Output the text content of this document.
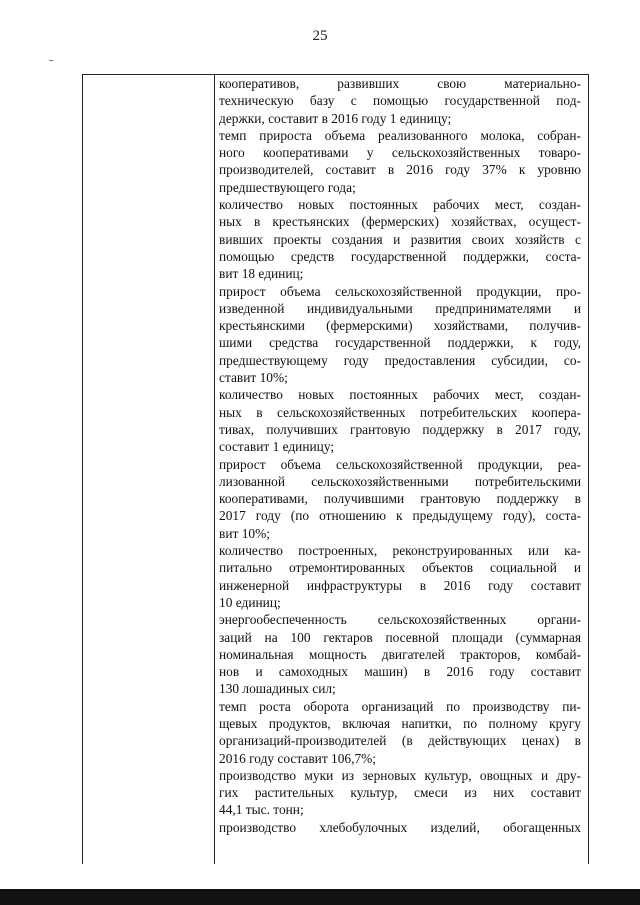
25
кооперативов, развивших свою материально-
техническую базу с помощью государственной под-
держки, составит в 2016 году 1 единицу;
темп прироста объема реализованного молока, собран-
ного кооперативами у сельскохозяйственных товаро-
производителей, составит в 2016 году 37% к уровню
предшествующего года;
количество новых постоянных рабочих мест, создан-
ных в крестьянских (фермерских) хозяйствах, осущест-
вивших проекты создания и развития своих хозяйств с
помощью средств государственной поддержки, соста-
вит 18 единиц;
прирост объема сельскохозяйственной продукции, про-
изведенной индивидуальными предпринимателями и
крестьянскими (фермерскими) хозяйствами, получив-
шими средства государственной поддержки, к году,
предшествующему году предоставления субсидии, со-
ставит 10%;
количество новых постоянных рабочих мест, создан-
ных в сельскохозяйственных потребительских коопера-
тивах, получивших грантовую поддержку в 2017 году,
составит 1 единицу;
прирост объема сельскохозяйственной продукции, реа-
лизованной сельскохозяйственными потребительскими
кооперативами, получившими грантовую поддержку в
2017 году (по отношению к предыдущему году), соста-
вит 10%;
количество построенных, реконструированных или ка-
питально отремонтированных объектов социальной и
инженерной инфраструктуры в 2016 году составит
10 единиц;
энергообеспеченность сельскохозяйственных органи-
заций на 100 гектаров посевной площади (суммарная
номинальная мощность двигателей тракторов, комбай-
нов и самоходных машин) в 2016 году составит
130 лошадиных сил;
темп роста оборота организаций по производству пи-
щевых продуктов, включая напитки, по полному кругу
организаций-производителей (в действующих ценах) в
2016 году составит 106,7%;
производство муки из зерновых культур, овощных и дру-
гих растительных культур, смеси из них составит
44,1 тыс. тонн;
производство хлебобулочных изделий, обогащенных
